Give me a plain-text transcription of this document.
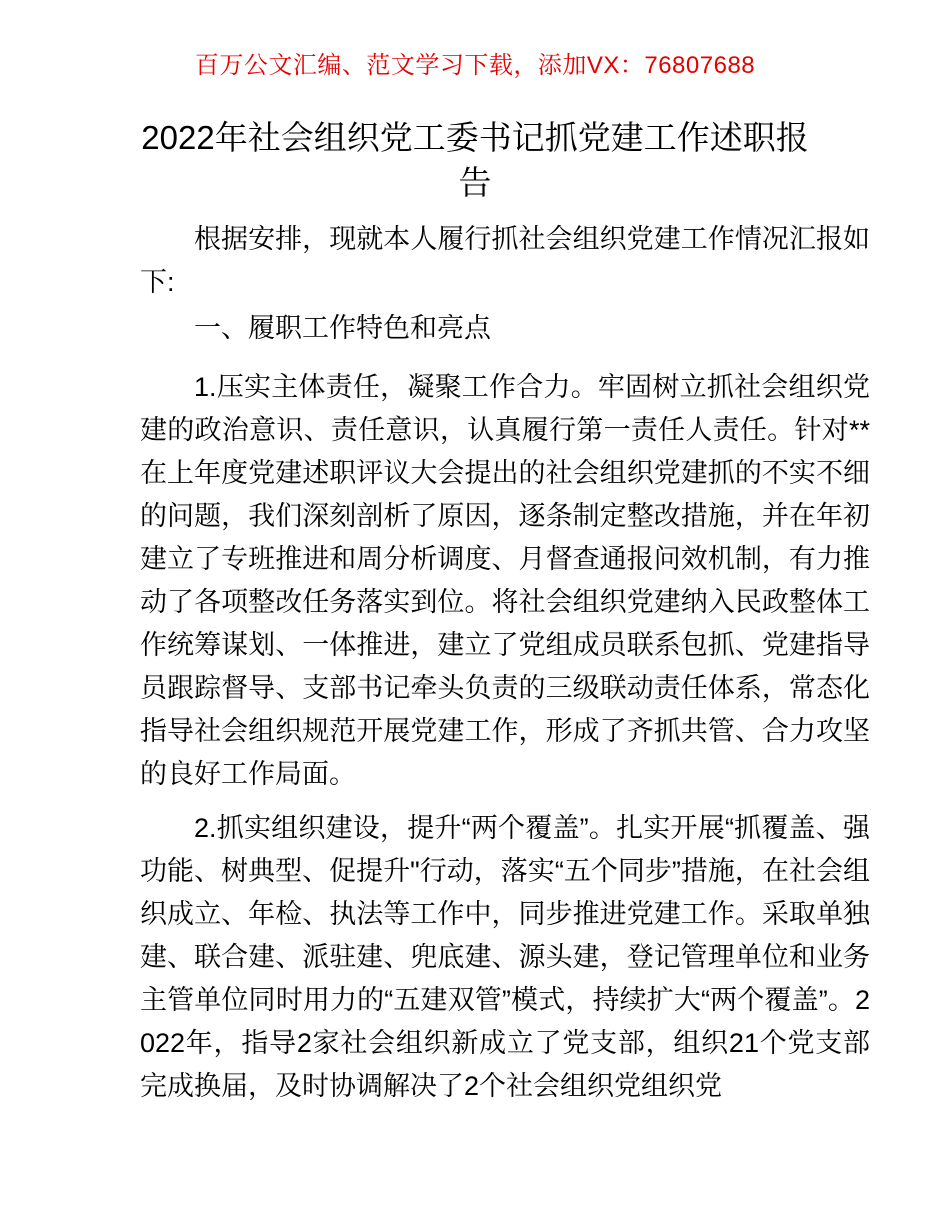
百万公文汇编、范文学习下载，添加VX：76807688
2022年社会组织党工委书记抓党建工作述职报告

根据安排，现就本人履行抓社会组织党建工作情况汇报如下:

一、履职工作特色和亮点

1.压实主体责任，凝聚工作合力。牢固树立抓社会组织党建的政治意识、责任意识，认真履行第一责任人责任。针对**在上年度党建述职评议大会提出的社会组织党建抓的不实不细的问题，我们深刻剖析了原因，逐条制定整改措施，并在年初建立了专班推进和周分析调度、月督查通报问效机制，有力推动了各项整改任务落实到位。将社会组织党建纳入民政整体工作统筹谋划、一体推进，建立了党组成员联系包抓、党建指导员跟踪督导、支部书记牵头负责的三级联动责任体系，常态化指导社会组织规范开展党建工作，形成了齐抓共管、合力攻坚的良好工作局面。

2.抓实组织建设，提升“两个覆盖”。扎实开展“抓覆盖、强功能、树典型、促提升"行动，落实“五个同步”措施，在社会组织成立、年检、执法等工作中，同步推进党建工作。采取单独建、联合建、派驻建、兜底建、源头建，登记管理单位和业务主管单位同时用力的“五建双管”模式，持续扩大“两个覆盖”。2022年，指导2家社会组织新成立了党支部，组织21个党支部完成换届，及时协调解决了2个社会组织党组织党
